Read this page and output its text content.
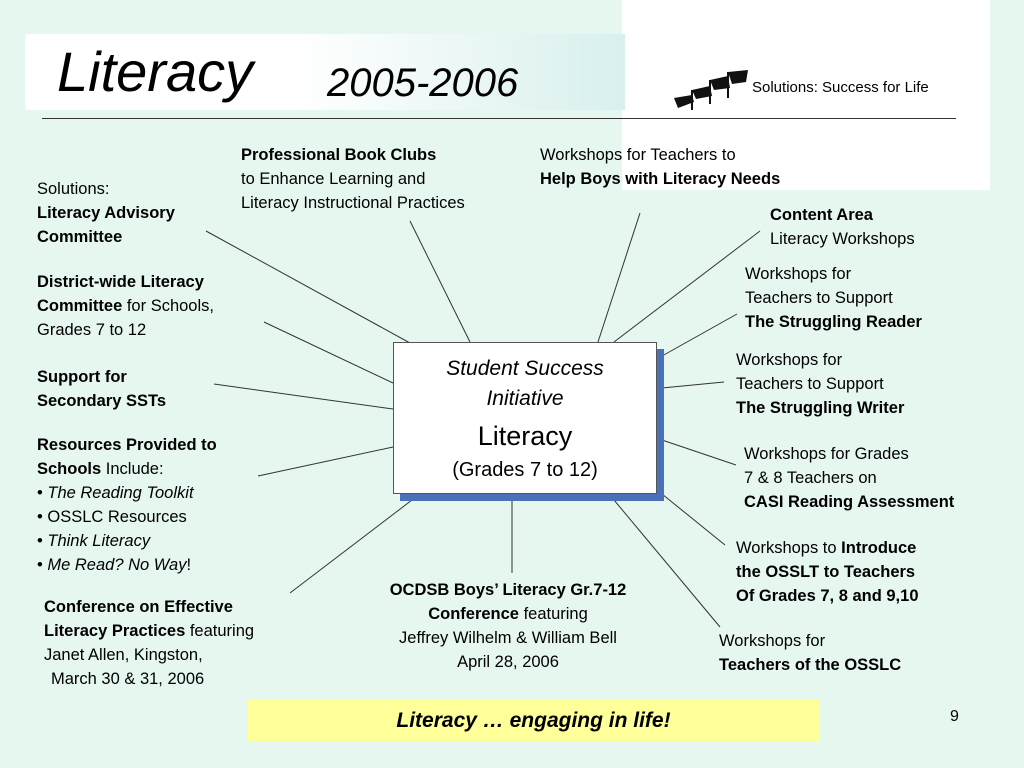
Literacy 2005-2006	Solutions: Success for Life
Student Success
Initiative
Literacy
(Grades 7 to 12)
Solutions:
Literacy Advisory
Committee
District-wide Literacy
Committee for Schools,
Grades 7 to 12
Support for
Secondary SSTs
Resources Provided to
Schools Include:
• The Reading Toolkit
• OSSLC Resources
• Think Literacy
• Me Read? No Way!
Conference on Effective
Literacy Practices featuring
Janet Allen, Kingston,
March 30 & 31, 2006
Professional Book Clubs
to Enhance Learning and
Literacy Instructional Practices
Workshops for Teachers to
Help Boys with Literacy Needs
Content Area
Literacy Workshops
Workshops for
Teachers to Support
The Struggling Reader
Workshops for
Teachers to Support
The Struggling Writer
Workshops for Grades
7 & 8 Teachers on
CASI Reading Assessment
Workshops to Introduce
the OSSLT to Teachers
Of Grades 7, 8 and 9,10
Workshops for
Teachers of the OSSLC
OCDSB Boys’ Literacy Gr.7-12
Conference featuring
Jeffrey Wilhelm & William Bell
April 28, 2006
Literacy … engaging in life!	9
